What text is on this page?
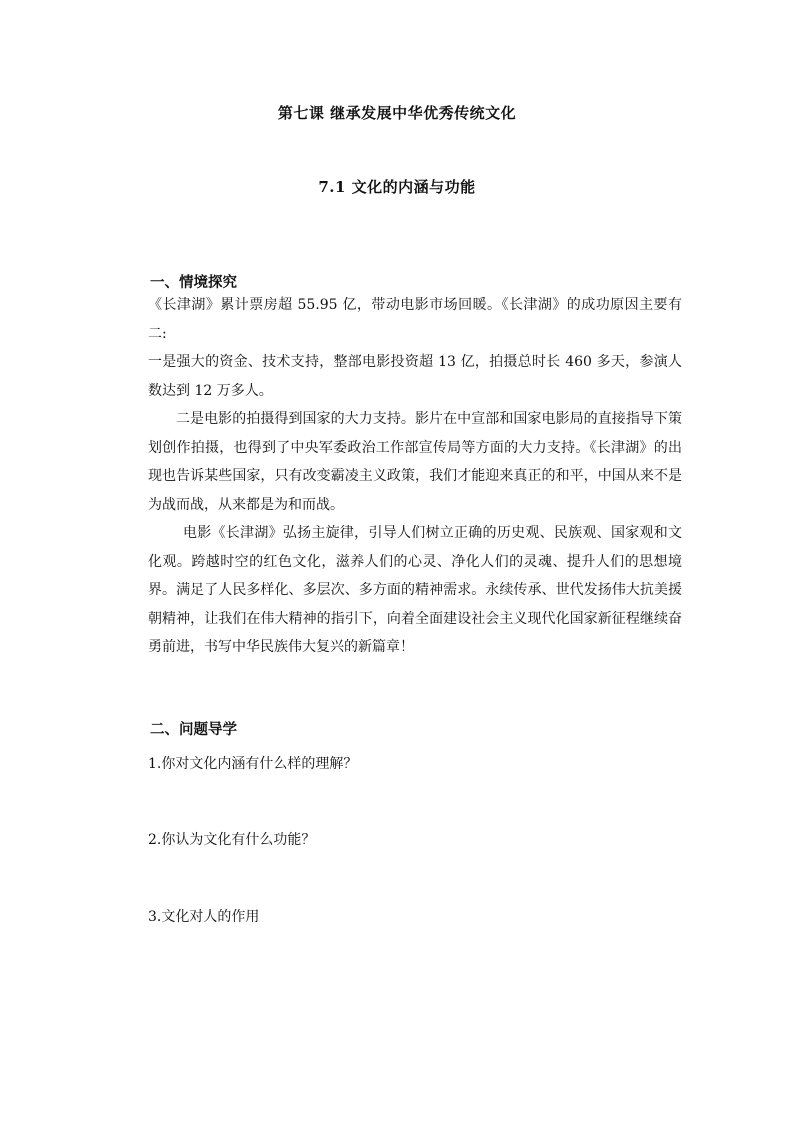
第七课 继承发展中华优秀传统文化
7.1 文化的内涵与功能
一、情境探究

《长津湖》累计票房超 55.95 亿，带动电影市场回暖。《长津湖》的成功原因主要有二:

一是强大的资金、技术支持，整部电影投资超 13 亿，拍摄总时长 460 多天，参演人数达到 12 万多人。

二是电影的拍摄得到国家的大力支持。影片在中宣部和国家电影局的直接指导下策划创作拍摄，也得到了中央军委政治工作部宣传局等方面的大力支持。《长津湖》的出现也告诉某些国家，只有改变霸凌主义政策，我们才能迎来真正的和平，中国从来不是为战而战，从来都是为和而战。

电影《长津湖》弘扬主旋律，引导人们树立正确的历史观、民族观、国家观和文化观。跨越时空的红色文化，滋养人们的心灵、净化人们的灵魂、提升人们的思想境界。满足了人民多样化、多层次、多方面的精神需求。永续传承、世代发扬伟大抗美援朝精神，让我们在伟大精神的指引下，向着全面建设社会主义现代化国家新征程继续奋勇前进，书写中华民族伟大复兴的新篇章！

二、问题导学
1.你对文化内涵有什么样的理解？
2.你认为文化有什么功能？
3.文化对人的作用
